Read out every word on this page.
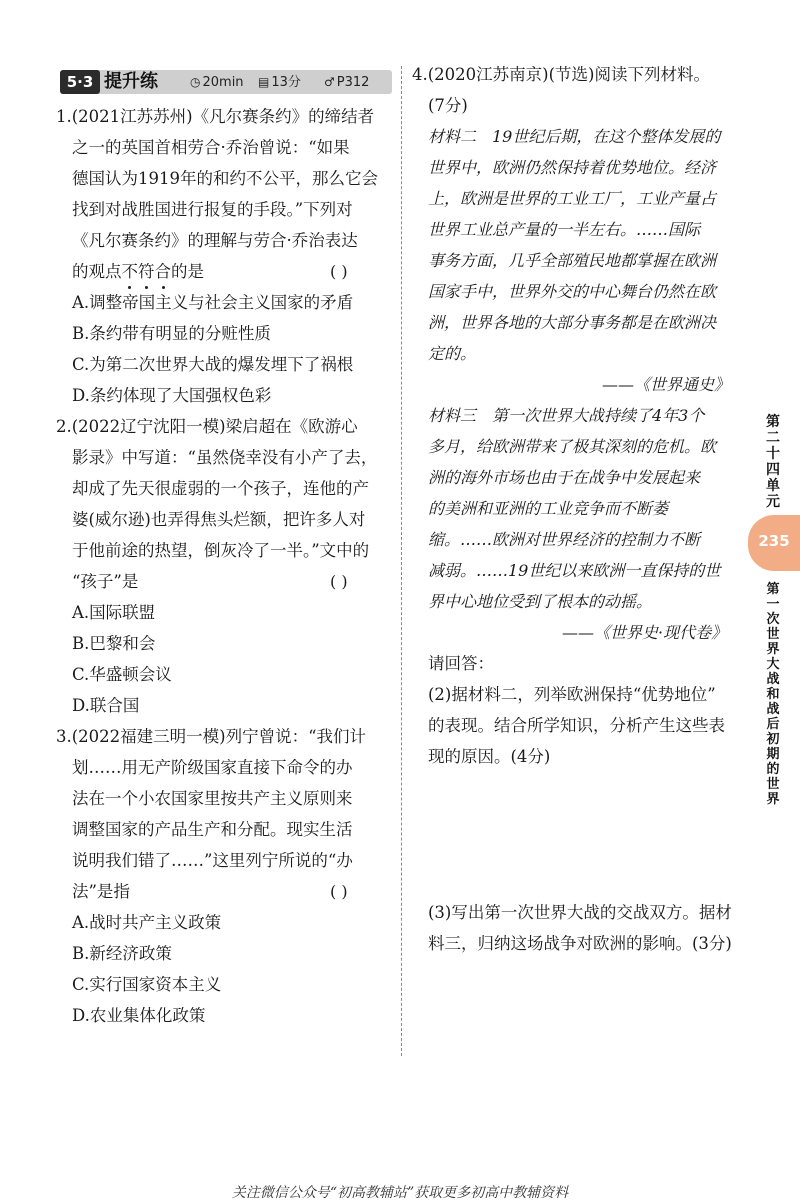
5·3 提升练	◷ 20min ▤ 13分 ♂ P312
1.(2021江苏苏州)《凡尔赛条约》的缔结者
之一的英国首相劳合·乔治曾说：“如果
德国认为1919年的和约不公平，那么它会
找到对战胜国进行报复的手段。”下列对
《凡尔赛条约》的理解与劳合·乔治表达
的观点不符合的是	( )
A.调整帝国主义与社会主义国家的矛盾
B.条约带有明显的分赃性质
C.为第二次世界大战的爆发埋下了祸根
D.条约体现了大国强权色彩
2.(2022辽宁沈阳一模)梁启超在《欧游心
影录》中写道：“虽然侥幸没有小产了去，
却成了先天很虚弱的一个孩子，连他的产
婆(威尔逊)也弄得焦头烂额，把许多人对
于他前途的热望，倒灰冷了一半。”文中的
“孩子”是	( )
A.国际联盟
B.巴黎和会
C.华盛顿会议
D.联合国
3.(2022福建三明一模)列宁曾说：“我们计
划……用无产阶级国家直接下命令的办
法在一个小农国家里按共产主义原则来
调整国家的产品生产和分配。现实生活
说明我们错了……”这里列宁所说的“办
法”是指	( )
A.战时共产主义政策
B.新经济政策
C.实行国家资本主义
D.农业集体化政策
4.(2020江苏南京)(节选)阅读下列材料。
(7分)
材料二　19世纪后期，在这个整体发展的
世界中，欧洲仍然保持着优势地位。经济
上，欧洲是世界的工业工厂，工业产量占
世界工业总产量的一半左右。……国际
事务方面，几乎全部殖民地都掌握在欧洲
国家手中，世界外交的中心舞台仍然在欧
洲，世界各地的大部分事务都是在欧洲决
定的。
——《世界通史》
材料三　第一次世界大战持续了4年3个
多月，给欧洲带来了极其深刻的危机。欧
洲的海外市场也由于在战争中发展起来
的美洲和亚洲的工业竞争而不断萎
缩。……欧洲对世界经济的控制力不断
减弱。……19世纪以来欧洲一直保持的世
界中心地位受到了根本的动摇。
——《世界史·现代卷》
请回答：
(2)据材料二，列举欧洲保持“优势地位”
的表现。结合所学知识，分析产生这些表
现的原因。(4分)
(3)写出第一次世界大战的交战双方。据材
料三，归纳这场战争对欧洲的影响。(3分)
第二十四单元
235
第一次世界大战和战后初期的世界
关注微信公众号“初高教辅站”获取更多初高中教辅资料
